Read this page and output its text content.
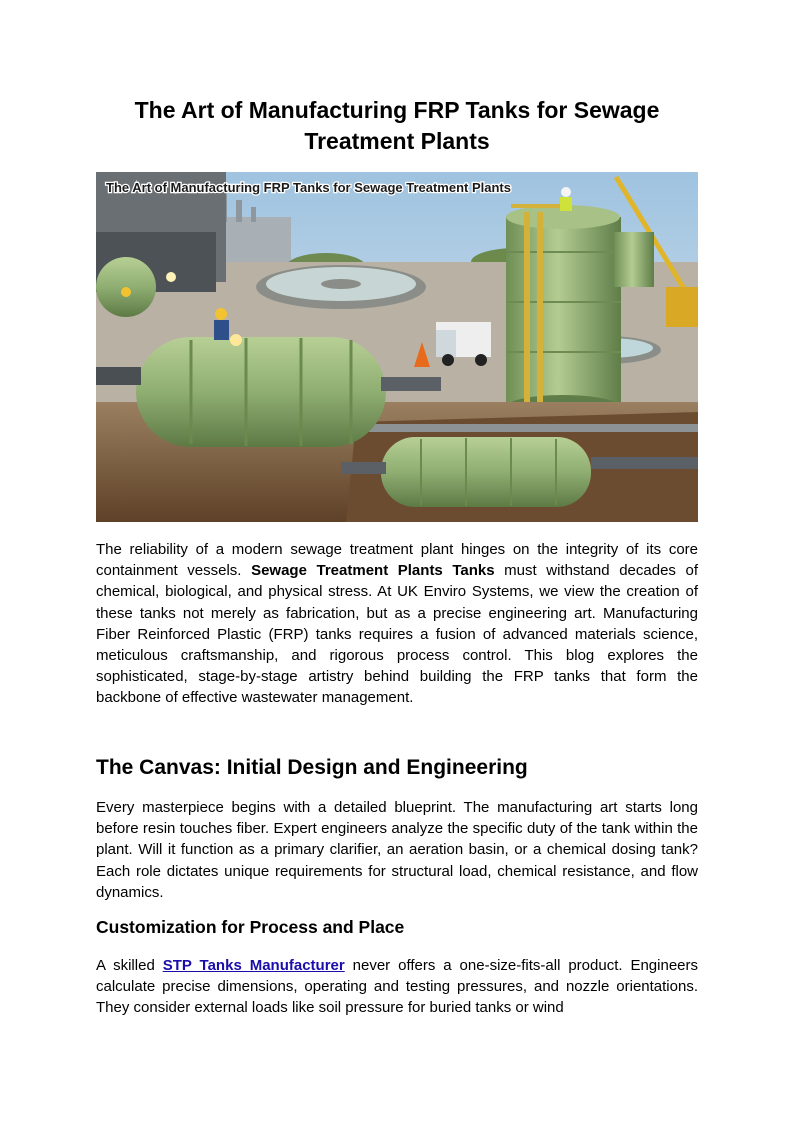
The Art of Manufacturing FRP Tanks for Sewage Treatment Plants
The Art of Manufacturing FRP Tanks for Sewage Treatment Plants

The reliability of a modern sewage treatment plant hinges on the integrity of its core containment vessels. Sewage Treatment Plants Tanks must withstand decades of chemical, biological, and physical stress. At UK Enviro Systems, we view the creation of these tanks not merely as fabrication, but as a precise engineering art. Manufacturing Fiber Reinforced Plastic (FRP) tanks requires a fusion of advanced materials science, meticulous craftsmanship, and rigorous process control. This blog explores the sophisticated, stage-by-stage artistry behind building the FRP tanks that form the backbone of effective wastewater management.

The Canvas: Initial Design and Engineering

Every masterpiece begins with a detailed blueprint. The manufacturing art starts long before resin touches fiber. Expert engineers analyze the specific duty of the tank within the plant. Will it function as a primary clarifier, an aeration basin, or a chemical dosing tank? Each role dictates unique requirements for structural load, chemical resistance, and flow dynamics.

Customization for Process and Place

A skilled STP Tanks Manufacturer never offers a one-size-fits-all product. Engineers calculate precise dimensions, operating and testing pressures, and nozzle orientations. They consider external loads like soil pressure for buried tanks or wind
